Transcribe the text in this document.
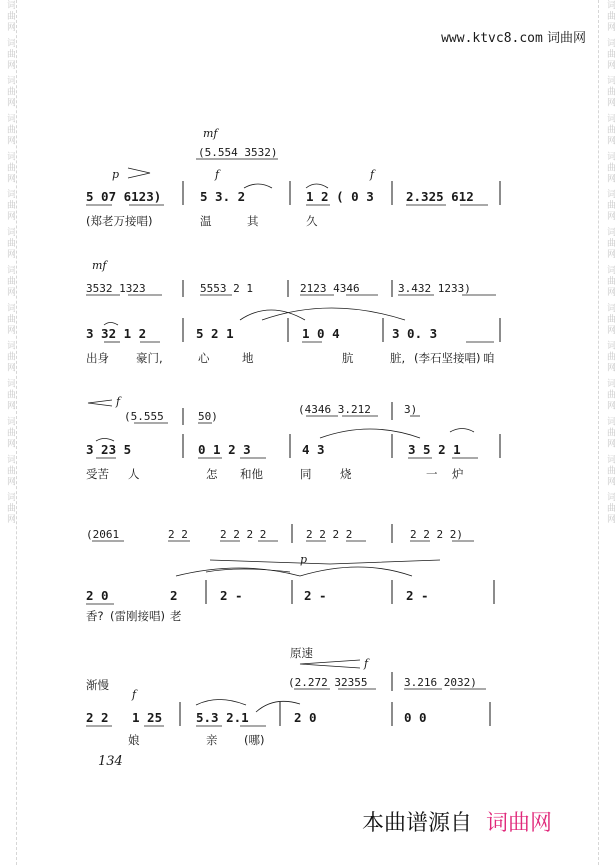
词曲网 词曲网 词曲网 词曲网 词曲网 词曲网 词曲网 词曲网 词曲网 词曲网 词曲网 词曲网 词曲网 词曲网	词曲网 词曲网 词曲网 词曲网 词曲网 词曲网 词曲网 词曲网 词曲网 词曲网 词曲网 词曲网 词曲网 词曲网
www.ktvc8.com 词曲网
mf
(5.554 3532)
p	f	f
5 07 6123)	5 3. 2	1 2 ( 0 3	2.325 612
(郑老万接唱)	温	其	久
mf
3532 1323	5553 2 1	2123 4346	3.432 1233)
3 32 1 2	5 2 1	1 0 4	3 0. 3
出身 豪门,	心	地	肮	脏, (李石坚接唱) 咱
f
(5.555	50)
(4346 3.212	3)
3 23 5	0 1 2 3	4 3	3 5 2 1
受苦 人	怎 和他	同 烧	一 炉
(2061	2 2	2 2 2 2	2 2 2 2	2 2 2 2)
p
2 0	2	2 -	2 -	2 -
香? (雷刚接唱) 老
原速
f
(2.272 32355	3.216 2032)
渐慢
f
2 2 1 25	5.3 2.1	2 0	0 0
娘	亲 (哪)
134
本曲谱源自 词曲网
